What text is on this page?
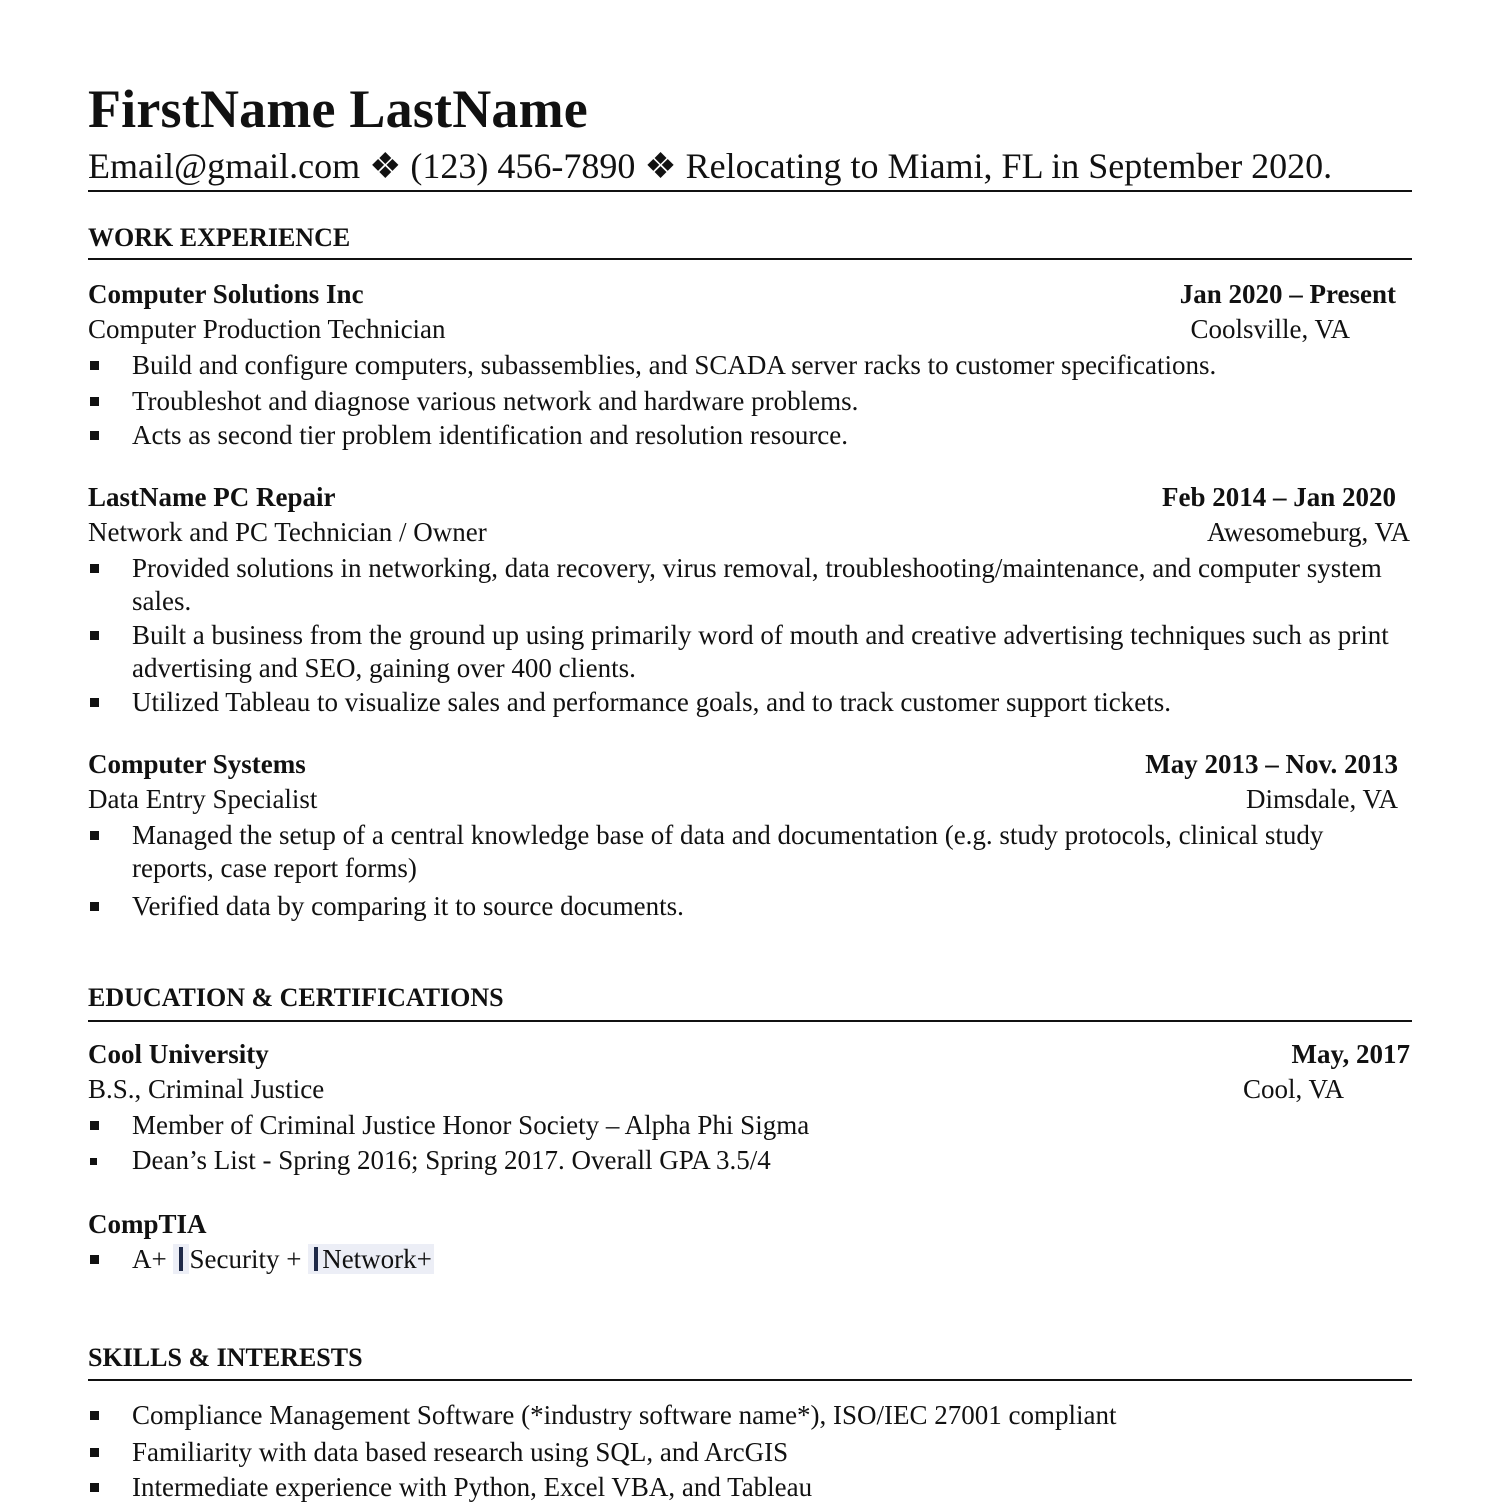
FirstName LastName
Email@gmail.com ❖ (123) 456-7890 ❖ Relocating to Miami, FL in September 2020.
WORK EXPERIENCE
Computer Solutions Inc	Jan 2020 – Present
Computer Production Technician	Coolsville, VA
Build and configure computers, subassemblies, and SCADA server racks to customer specifications.
Troubleshot and diagnose various network and hardware problems.
Acts as second tier problem identification and resolution resource.
LastName PC Repair	Feb 2014 – Jan 2020
Network and PC Technician / Owner	Awesomeburg, VA
Provided solutions in networking, data recovery, virus removal, troubleshooting/maintenance, and computer system sales.
Built a business from the ground up using primarily word of mouth and creative advertising techniques such as print advertising and SEO, gaining over 400 clients.
Utilized Tableau to visualize sales and performance goals, and to track customer support tickets.
Computer Systems	May 2013 – Nov. 2013
Data Entry Specialist	Dimsdale, VA
Managed the setup of a central knowledge base of data and documentation (e.g. study protocols, clinical study reports, case report forms)
Verified data by comparing it to source documents.
EDUCATION & CERTIFICATIONS
Cool University	May, 2017
B.S., Criminal Justice	Cool, VA
Member of Criminal Justice Honor Society – Alpha Phi Sigma
Dean’s List - Spring 2016; Spring 2017. Overall GPA 3.5/4
CompTIA
A+ Security + Network+
SKILLS & INTERESTS
Compliance Management Software (*industry software name*), ISO/IEC 27001 compliant
Familiarity with data based research using SQL, and ArcGIS
Intermediate experience with Python, Excel VBA, and Tableau
